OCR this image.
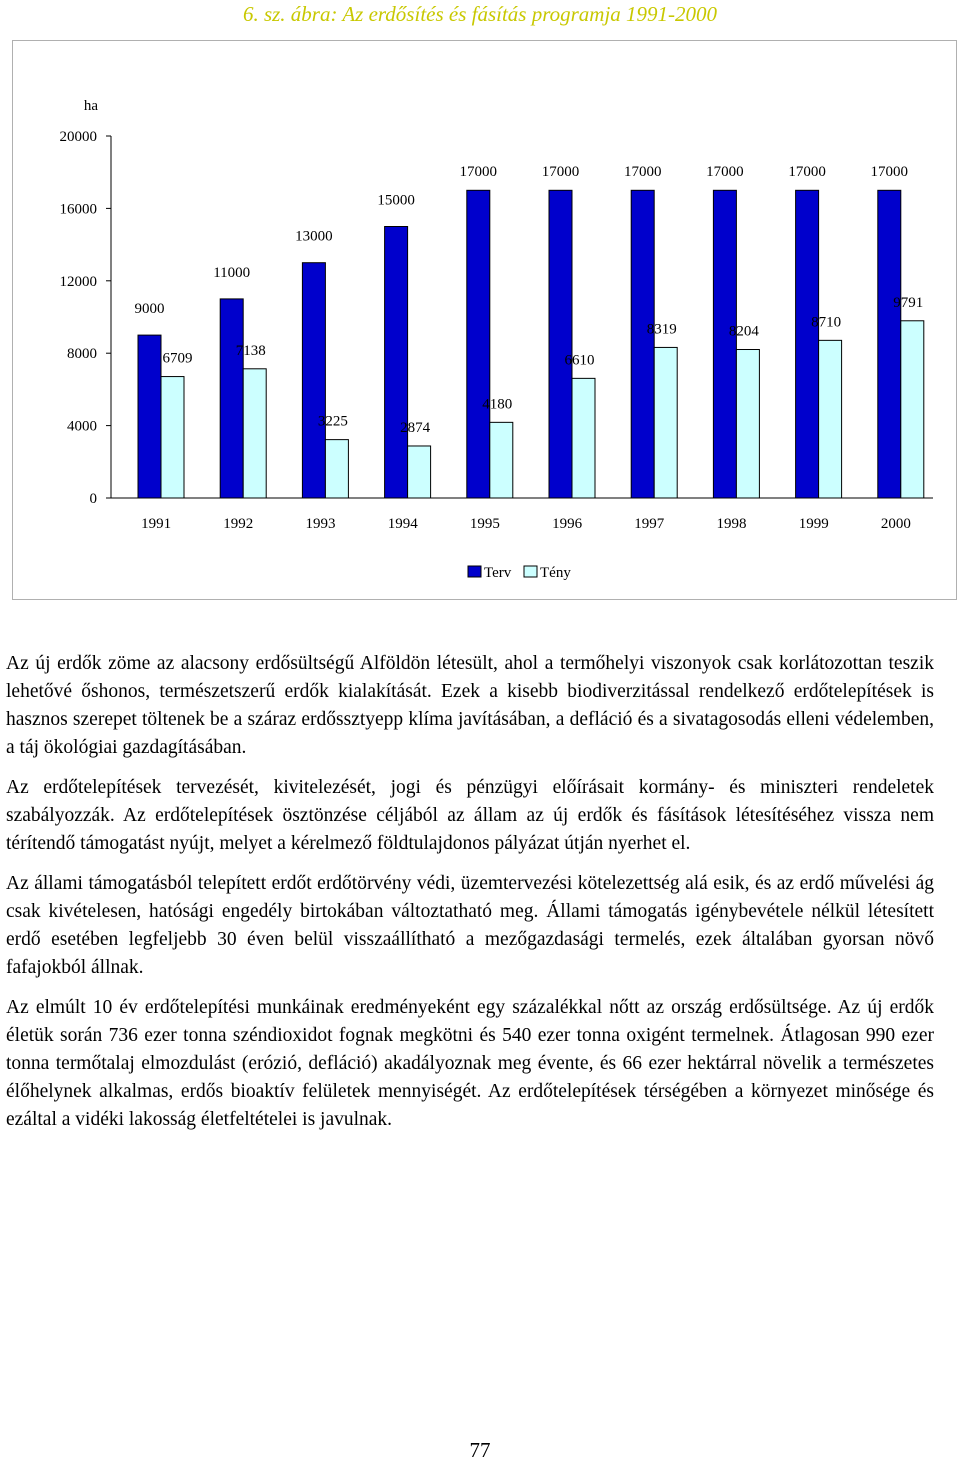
6. sz. ábra: Az erdősítés és fásítás programja 1991-2000
ha
0
4000
8000
12000
16000
20000
1991
9000
6709
1992
11000
7138
1993
13000
3225
1994
15000
2874
1995
17000
4180
1996
17000
6610
1997
17000
8319
1998
17000
8204
1999
17000
8710
2000
17000
9791
Terv Tény

Az új erdők zöme az alacsony erdősültségű Alföldön létesült, ahol a termőhelyi viszonyok csak korlátozottan teszik lehetővé őshonos, természetszerű erdők kialakítását. Ezek a kisebb biodiverzitással rendelkező erdőtelepítések is hasznos szerepet töltenek be a száraz erdőssztyepp klíma javításában, a defláció és a sivatagosodás elleni védelemben, a táj ökológiai gazdagításában.

Az erdőtelepítések tervezését, kivitelezését, jogi és pénzügyi előírásait kormány- és miniszteri rendeletek szabályozzák. Az erdőtelepítések ösztönzése céljából az állam az új erdők és fásítások létesítéséhez vissza nem térítendő támogatást nyújt, melyet a kérelmező földtulajdonos pályázat útján nyerhet el.

Az állami támogatásból telepített erdőt erdőtörvény védi, üzemtervezési kötelezettség alá esik, és az erdő művelési ág csak kivételesen, hatósági engedély birtokában változtatható meg. Állami támogatás igénybevétele nélkül létesített erdő esetében legfeljebb 30 éven belül visszaállítható a mezőgazdasági termelés, ezek általában gyorsan növő fafajokból állnak.

Az elmúlt 10 év erdőtelepítési munkáinak eredményeként egy százalékkal nőtt az ország erdősültsége. Az új erdők életük során 736 ezer tonna széndioxidot fognak megkötni és 540 ezer tonna oxigént termelnek. Átlagosan 990 ezer tonna termőtalaj elmozdulást (erózió, defláció) akadályoznak meg évente, és 66 ezer hektárral növelik a természetes élőhelynek alkalmas, erdős bioaktív felületek mennyiségét. Az erdőtelepítések térségében a környezet minősége és ezáltal a vidéki lakosság életfeltételei is javulnak.

77
